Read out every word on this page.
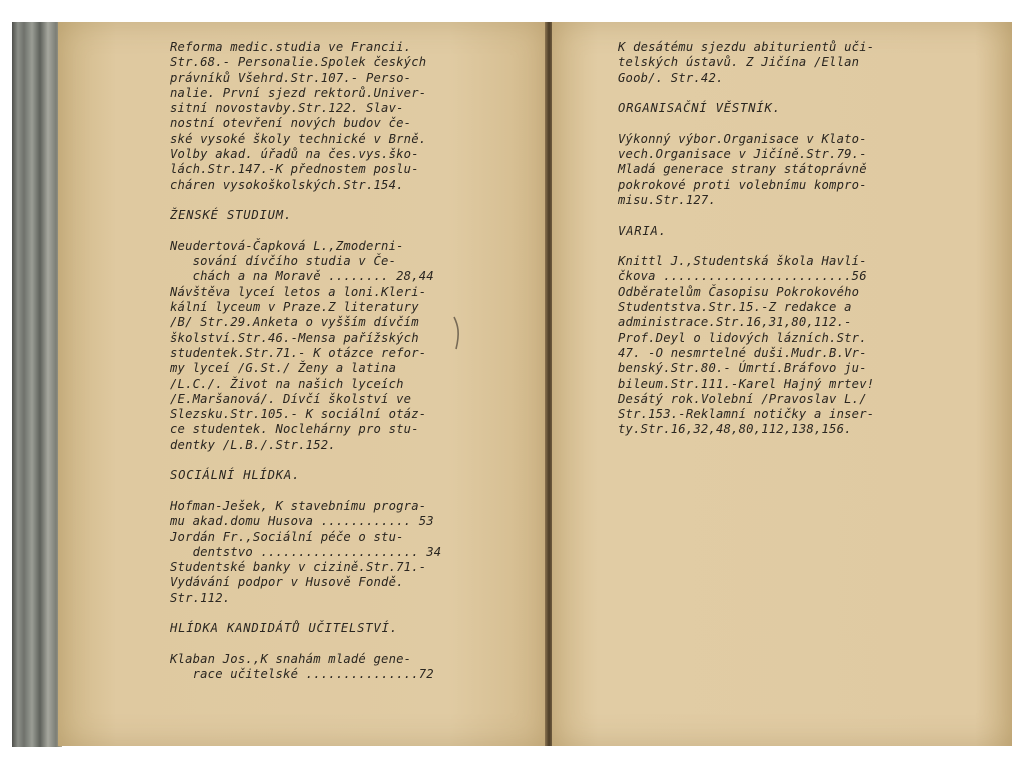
Reforma medic.studia ve Francii.
Str.68.- Personalie.Spolek českých
právníků Všehrd.Str.107.- Perso-
nalie. První sjezd rektorů.Univer-
sitní novostavby.Str.122. Slav-
nostní otevření nových budov če-
ské vysoké školy technické v Brně.
Volby akad. úřadů na čes.vys.ško-
lách.Str.147.-K přednostem poslu-
cháren vysokoškolských.Str.154.
ŽENSKÉ STUDIUM.
Neudertová-Čapková L.,Zmoderni-
sování dívčího studia v Če-
chách a na Moravě ........ 28,44
Návštěva lyceí letos a loni.Kleri-
kální lyceum v Praze.Z literatury
/B/ Str.29.Anketa o vyšším dívčím
školství.Str.46.-Mensa pařížských
studentek.Str.71.- K otázce refor-
my lyceí /G.St./ Ženy a latina
/L.C./. Život na našich lyceích
/E.Maršanová/. Dívčí školství ve
Slezsku.Str.105.- K sociální otáz-
ce studentek. Noclehárny pro stu-
dentky /L.B./.Str.152.
SOCIÁLNÍ HLÍDKA.
Hofman-Ješek, K stavebnímu progra-
mu akad.domu Husova ............ 53
Jordán Fr.,Sociální péče o stu-
dentstvo ..................... 34
Studentské banky v cizině.Str.71.-
Vydávání podpor v Husově Fondě.
Str.112.
HLÍDKA KANDIDÁTŮ UČITELSTVÍ.
Klaban Jos.,K snahám mladé gene-
race učitelské ...............72
K desátému sjezdu abiturientů uči-
telských ústavů. Z Jičína /Ellan
Goob/. Str.42.
ORGANISAČNÍ VĚSTNÍK.
Výkonný výbor.Organisace v Klato-
vech.Organisace v Jičíně.Str.79.-
Mladá generace strany státoprávně
pokrokové proti volebnímu kompro-
misu.Str.127.
VARIA.
Knittl J.,Studentská škola Havlí-
čkova .........................56
Odběratelům Časopisu Pokrokového
Studentstva.Str.15.-Z redakce a
administrace.Str.16,31,80,112.-
Prof.Deyl o lidových lázních.Str.
47. -O nesmrtelné duši.Mudr.B.Vr-
benský.Str.80.- Úmrtí.Bráfovo ju-
bileum.Str.111.-Karel Hajný mrtev!
Desátý rok.Volební /Pravoslav L./
Str.153.-Reklamní notičky a inser-
ty.Str.16,32,48,80,112,138,156.
